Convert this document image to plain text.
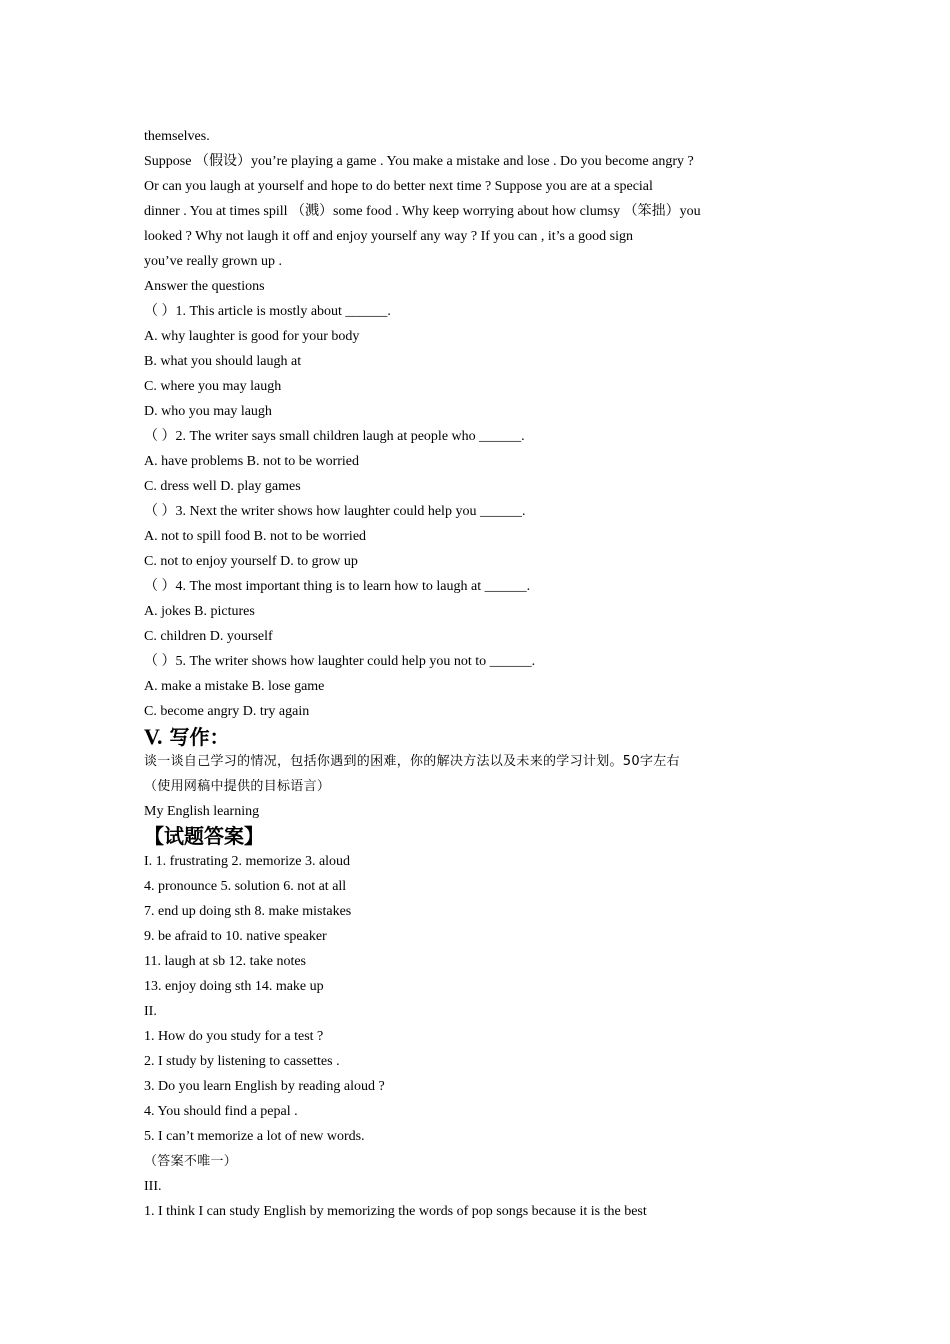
themselves.
Suppose （假设）you’re playing a game . You make a mistake and lose . Do you become angry ?
Or can you laugh at yourself and hope to do better next time ? Suppose you are at a special
dinner . You at times spill （溅）some food . Why keep worrying about how clumsy （笨拙）you
looked ? Why not laugh it off and enjoy yourself any way ? If you can , it’s a good sign
you’ve really grown up .
Answer the questions
（ ）1. This article is mostly about ______.
A. why laughter is good for your body
B. what you should laugh at
C. where you may laugh
D. who you may laugh
（ ）2. The writer says small children laugh at people who ______.
A. have problems B. not to be worried
C. dress well D. play games
（ ）3. Next the writer shows how laughter could help you ______.
A. not to spill food B. not to be worried
C. not to enjoy yourself D. to grow up
（ ）4. The most important thing is to learn how to laugh at ______.
A. jokes B. pictures
C. children D. yourself
（ ）5. The writer shows how laughter could help you not to ______.
A. make a mistake B. lose game
C. become angry D. try again
V. 写作：
谈一谈自己学习的情况，包括你遇到的困难，你的解决方法以及未来的学习计划。50字左右
（使用网稿中提供的目标语言）
My English learning
【试题答案】
I. 1. frustrating 2. memorize 3. aloud
4. pronounce 5. solution 6. not at all
7. end up doing sth 8. make mistakes
9. be afraid to 10. native speaker
11. laugh at sb 12. take notes
13. enjoy doing sth 14. make up
II.
1. How do you study for a test ?
2. I study by listening to cassettes .
3. Do you learn English by reading aloud ?
4. You should find a pepal .
5. I can’t memorize a lot of new words.
（答案不唯一）
III.
1. I think I can study English by memorizing the words of pop songs because it is the best
